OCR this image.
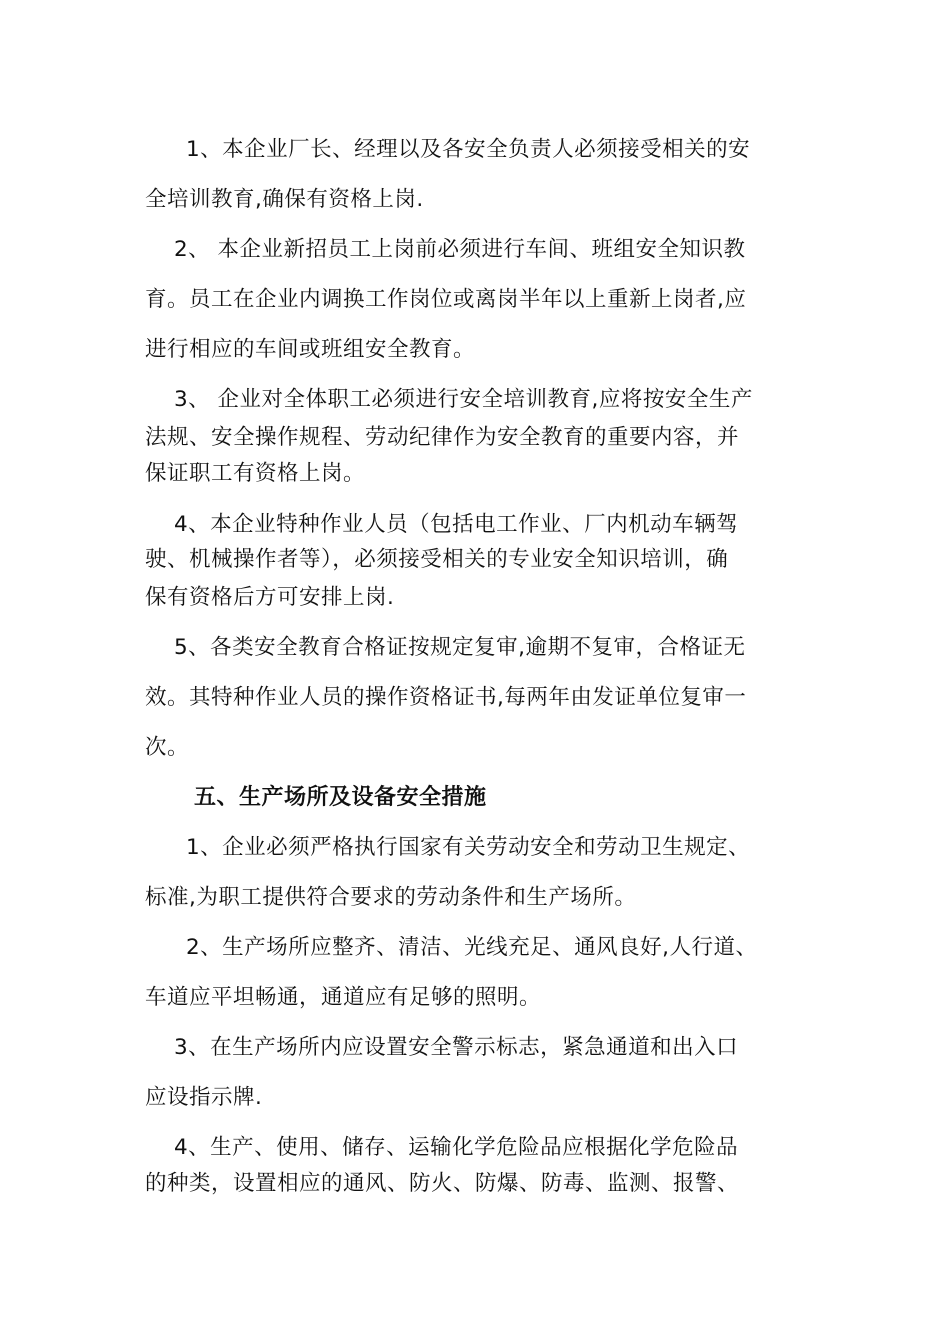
1、本企业厂长、经理以及各安全负责人必须接受相关的安
全培训教育,确保有资格上岗.
2、 本企业新招员工上岗前必须进行车间、班组安全知识教
育。员工在企业内调换工作岗位或离岗半年以上重新上岗者,应
进行相应的车间或班组安全教育。
3、 企业对全体职工必须进行安全培训教育,应将按安全生产
法规、安全操作规程、劳动纪律作为安全教育的重要内容，并
保证职工有资格上岗。
4、本企业特种作业人员（包括电工作业、厂内机动车辆驾
驶、机械操作者等），必须接受相关的专业安全知识培训，确
保有资格后方可安排上岗.
5、各类安全教育合格证按规定复审,逾期不复审，合格证无
效。其特种作业人员的操作资格证书,每两年由发证单位复审一
次。
五、生产场所及设备安全措施
1、企业必须严格执行国家有关劳动安全和劳动卫生规定、
标准,为职工提供符合要求的劳动条件和生产场所。
2、生产场所应整齐、清洁、光线充足、通风良好,人行道、
车道应平坦畅通，通道应有足够的照明。
3、在生产场所内应设置安全警示标志，紧急通道和出入口
应设指示牌.
4、生产、使用、储存、运输化学危险品应根据化学危险品
的种类，设置相应的通风、防火、防爆、防毒、监测、报警、
